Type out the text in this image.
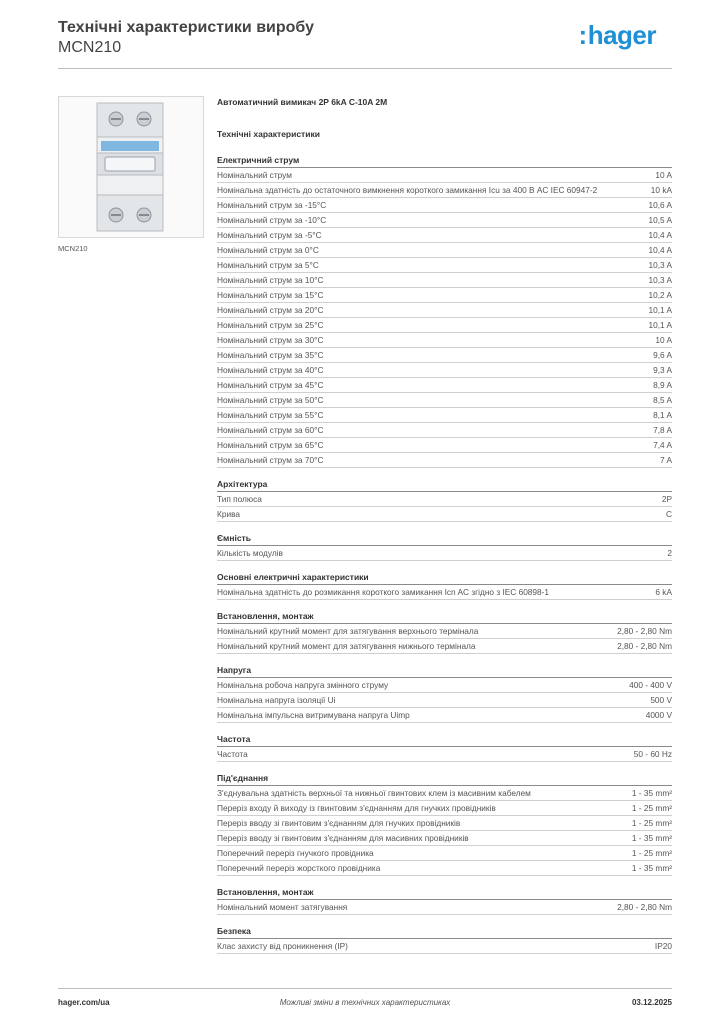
Технічні характеристики виробу
MCN210	:hager
MCN210
Автоматичний вимикач 2P 6kA C-10A 2M
Технічні характеристики
Електричний струм
Номінальний струм	10 A
Номінальна здатність до остаточного вимкнення короткого замикання Icu за 400 В AC IEC 60947-2	10 kA
Номінальний струм за -15°C	10,6 A
Номінальний струм за -10°C	10,5 A
Номінальний струм за -5°C	10,4 A
Номінальний струм за 0°C	10,4 A
Номінальний струм за 5°C	10,3 A
Номінальний струм за 10°C	10,3 A
Номінальний струм за 15°C	10,2 A
Номінальний струм за 20°C	10,1 A
Номінальний струм за 25°C	10,1 A
Номінальний струм за 30°C	10 A
Номінальний струм за 35°C	9,6 A
Номінальний струм за 40°C	9,3 A
Номінальний струм за 45°C	8,9 A
Номінальний струм за 50°C	8,5 A
Номінальний струм за 55°C	8,1 A
Номінальний струм за 60°C	7,8 A
Номінальний струм за 65°C	7,4 A
Номінальний струм за 70°C	7 A
Архітектура
Тип полюса	2P
Крива	C
Ємність
Кількість модулів	2
Основні електричні характеристики
Номінальна здатність до розмикання короткого замикання Icn AC згідно з IEC 60898-1	6 kA
Встановлення, монтаж
Номінальний крутний момент для затягування верхнього термінала	2,80 - 2,80 Nm
Номінальний крутний момент для затягування нижнього термінала	2,80 - 2,80 Nm
Напруга
Номінальна робоча напруга змінного струму	400 - 400 V
Номінальна напруга ізоляції Ui	500 V
Номінальна імпульсна витримувана напруга Uimp	4000 V
Частота
Частота	50 - 60 Hz
Під'єднання
З'єднувальна здатність верхньої та нижньої гвинтових клем із масивним кабелем	1 - 35 mm²
Переріз входу й виходу із гвинтовим з'єднанням для гнучких провідників	1 - 25 mm²
Переріз вводу зі гвинтовим з'єднанням для гнучких провідників	1 - 25 mm²
Переріз вводу зі гвинтовим з'єднанням для масивних провідників	1 - 35 mm²
Поперечний переріз гнучкого провідника	1 - 25 mm²
Поперечний переріз жорсткого провідника	1 - 35 mm²
Встановлення, монтаж
Номінальний момент затягування	2,80 - 2,80 Nm
Безпека
Клас захисту від проникнення (IP)	IP20
hager.com/ua	Можливі зміни в технічних характеристиках	03.12.2025
